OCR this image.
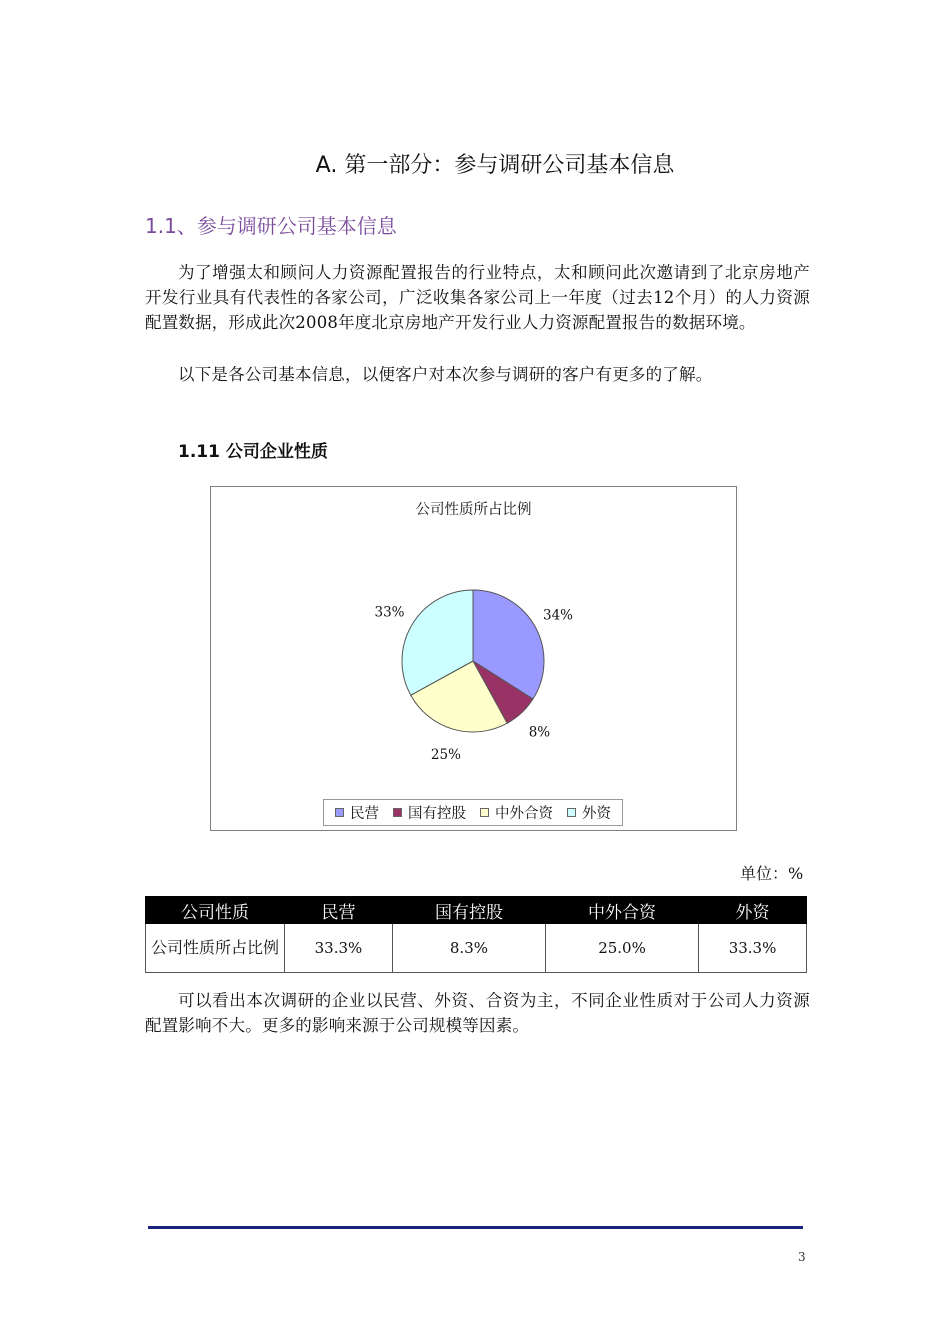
A. 第一部分：参与调研公司基本信息
1.1、参与调研公司基本信息
为了增强太和顾问人力资源配置报告的行业特点，太和顾问此次邀请到了北京房地产开发行业具有代表性的各家公司，广泛收集各家公司上一年度（过去12个月）的人力资源配置数据，形成此次2008年度北京房地产开发行业人力资源配置报告的数据环境。
以下是各公司基本信息，以便客户对本次参与调研的客户有更多的了解。
1.11 公司企业性质
公司性质所占比例
34%
8%
25%
33%
民营 国有控股 中外合资 外资
单位：%
公司性质	民营	国有控股	中外合资	外资
公司性质所占比例	33.3%	8.3%	25.0%	33.3%
可以看出本次调研的企业以民营、外资、合资为主，不同企业性质对于公司人力资源配置影响不大。更多的影响来源于公司规模等因素。
3
